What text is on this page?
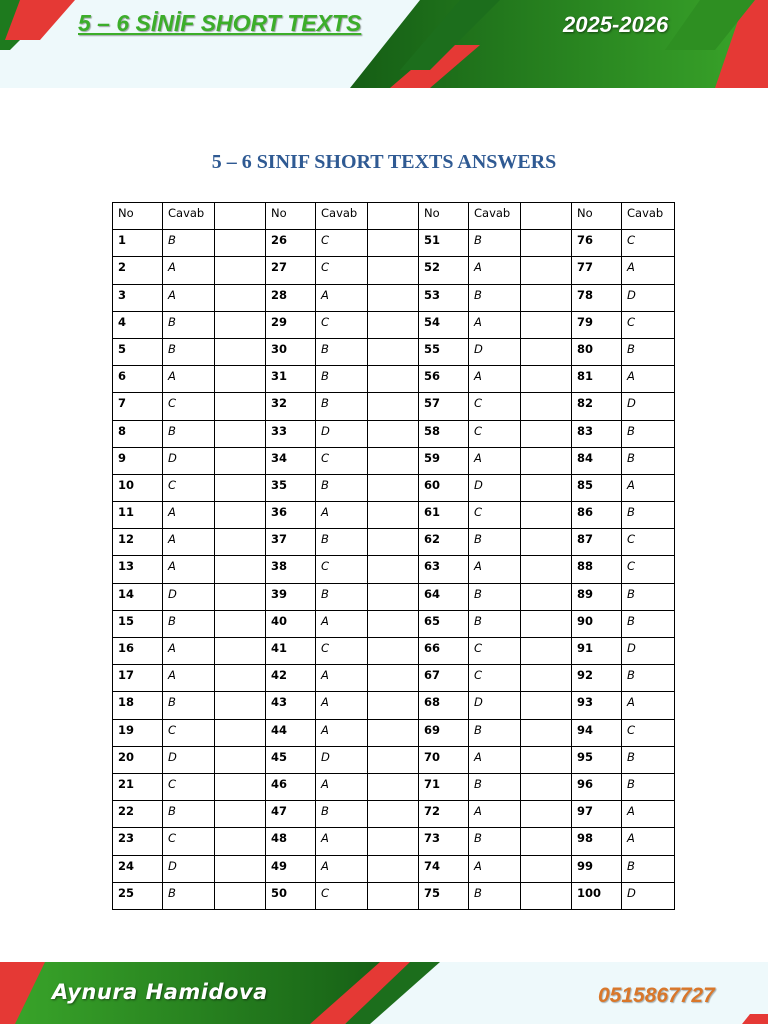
5 – 6 SİNİF SHORT TEXTS	2025-2026
5 – 6 SINIF SHORT TEXTS ANSWERS
No	Cavab		No	Cavab		No	Cavab		No	Cavab
1	B		26	C		51	B		76	C
2	A		27	C		52	A		77	A
3	A		28	A		53	B		78	D
4	B		29	C		54	A		79	C
5	B		30	B		55	D		80	B
6	A		31	B		56	A		81	A
7	C		32	B		57	C		82	D
8	B		33	D		58	C		83	B
9	D		34	C		59	A		84	B
10	C		35	B		60	D		85	A
11	A		36	A		61	C		86	B
12	A		37	B		62	B		87	C
13	A		38	C		63	A		88	C
14	D		39	B		64	B		89	B
15	B		40	A		65	B		90	B
16	A		41	C		66	C		91	D
17	A		42	A		67	C		92	B
18	B		43	A		68	D		93	A
19	C		44	A		69	B		94	C
20	D		45	D		70	A		95	B
21	C		46	A		71	B		96	B
22	B		47	B		72	A		97	A
23	C		48	A		73	B		98	A
24	D		49	A		74	A		99	B
25	B		50	C		75	B		100	D
Aynura Hamidova	0515867727
